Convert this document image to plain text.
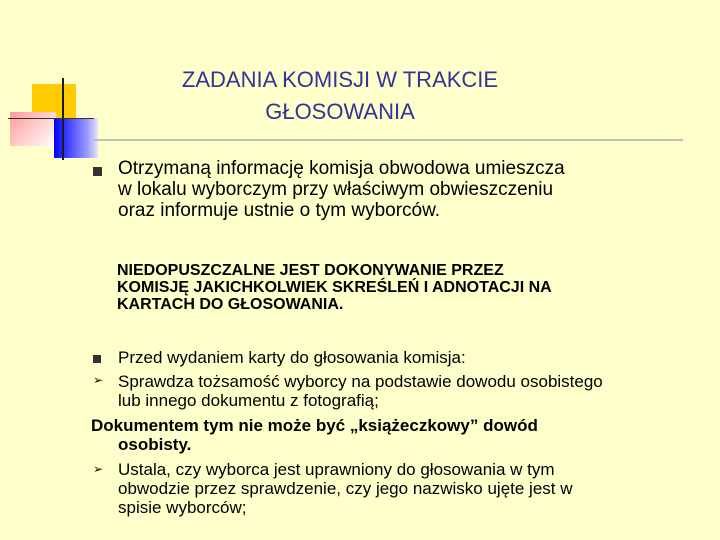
ZADANIA KOMISJI W TRAKCIE
GŁOSOWANIA
Otrzymaną informację komisja obwodowa umieszcza
w lokalu wyborczym przy właściwym obwieszczeniu
oraz informuje ustnie o tym wyborców.
NIEDOPUSZCZALNE JEST DOKONYWANIE PRZEZ
KOMISJĘ JAKICHKOLWIEK SKREŚLEŃ I ADNOTACJI NA
KARTACH DO GŁOSOWANIA.
Przed wydaniem karty do głosowania komisja:
➢ Sprawdza tożsamość wyborcy na podstawie dowodu osobistego
lub innego dokumentu z fotografią;
Dokumentem tym nie może być „książeczkowy” dowód
osobisty.
➢ Ustala, czy wyborca jest uprawniony do głosowania w tym
obwodzie przez sprawdzenie, czy jego nazwisko ujęte jest w
spisie wyborców;
